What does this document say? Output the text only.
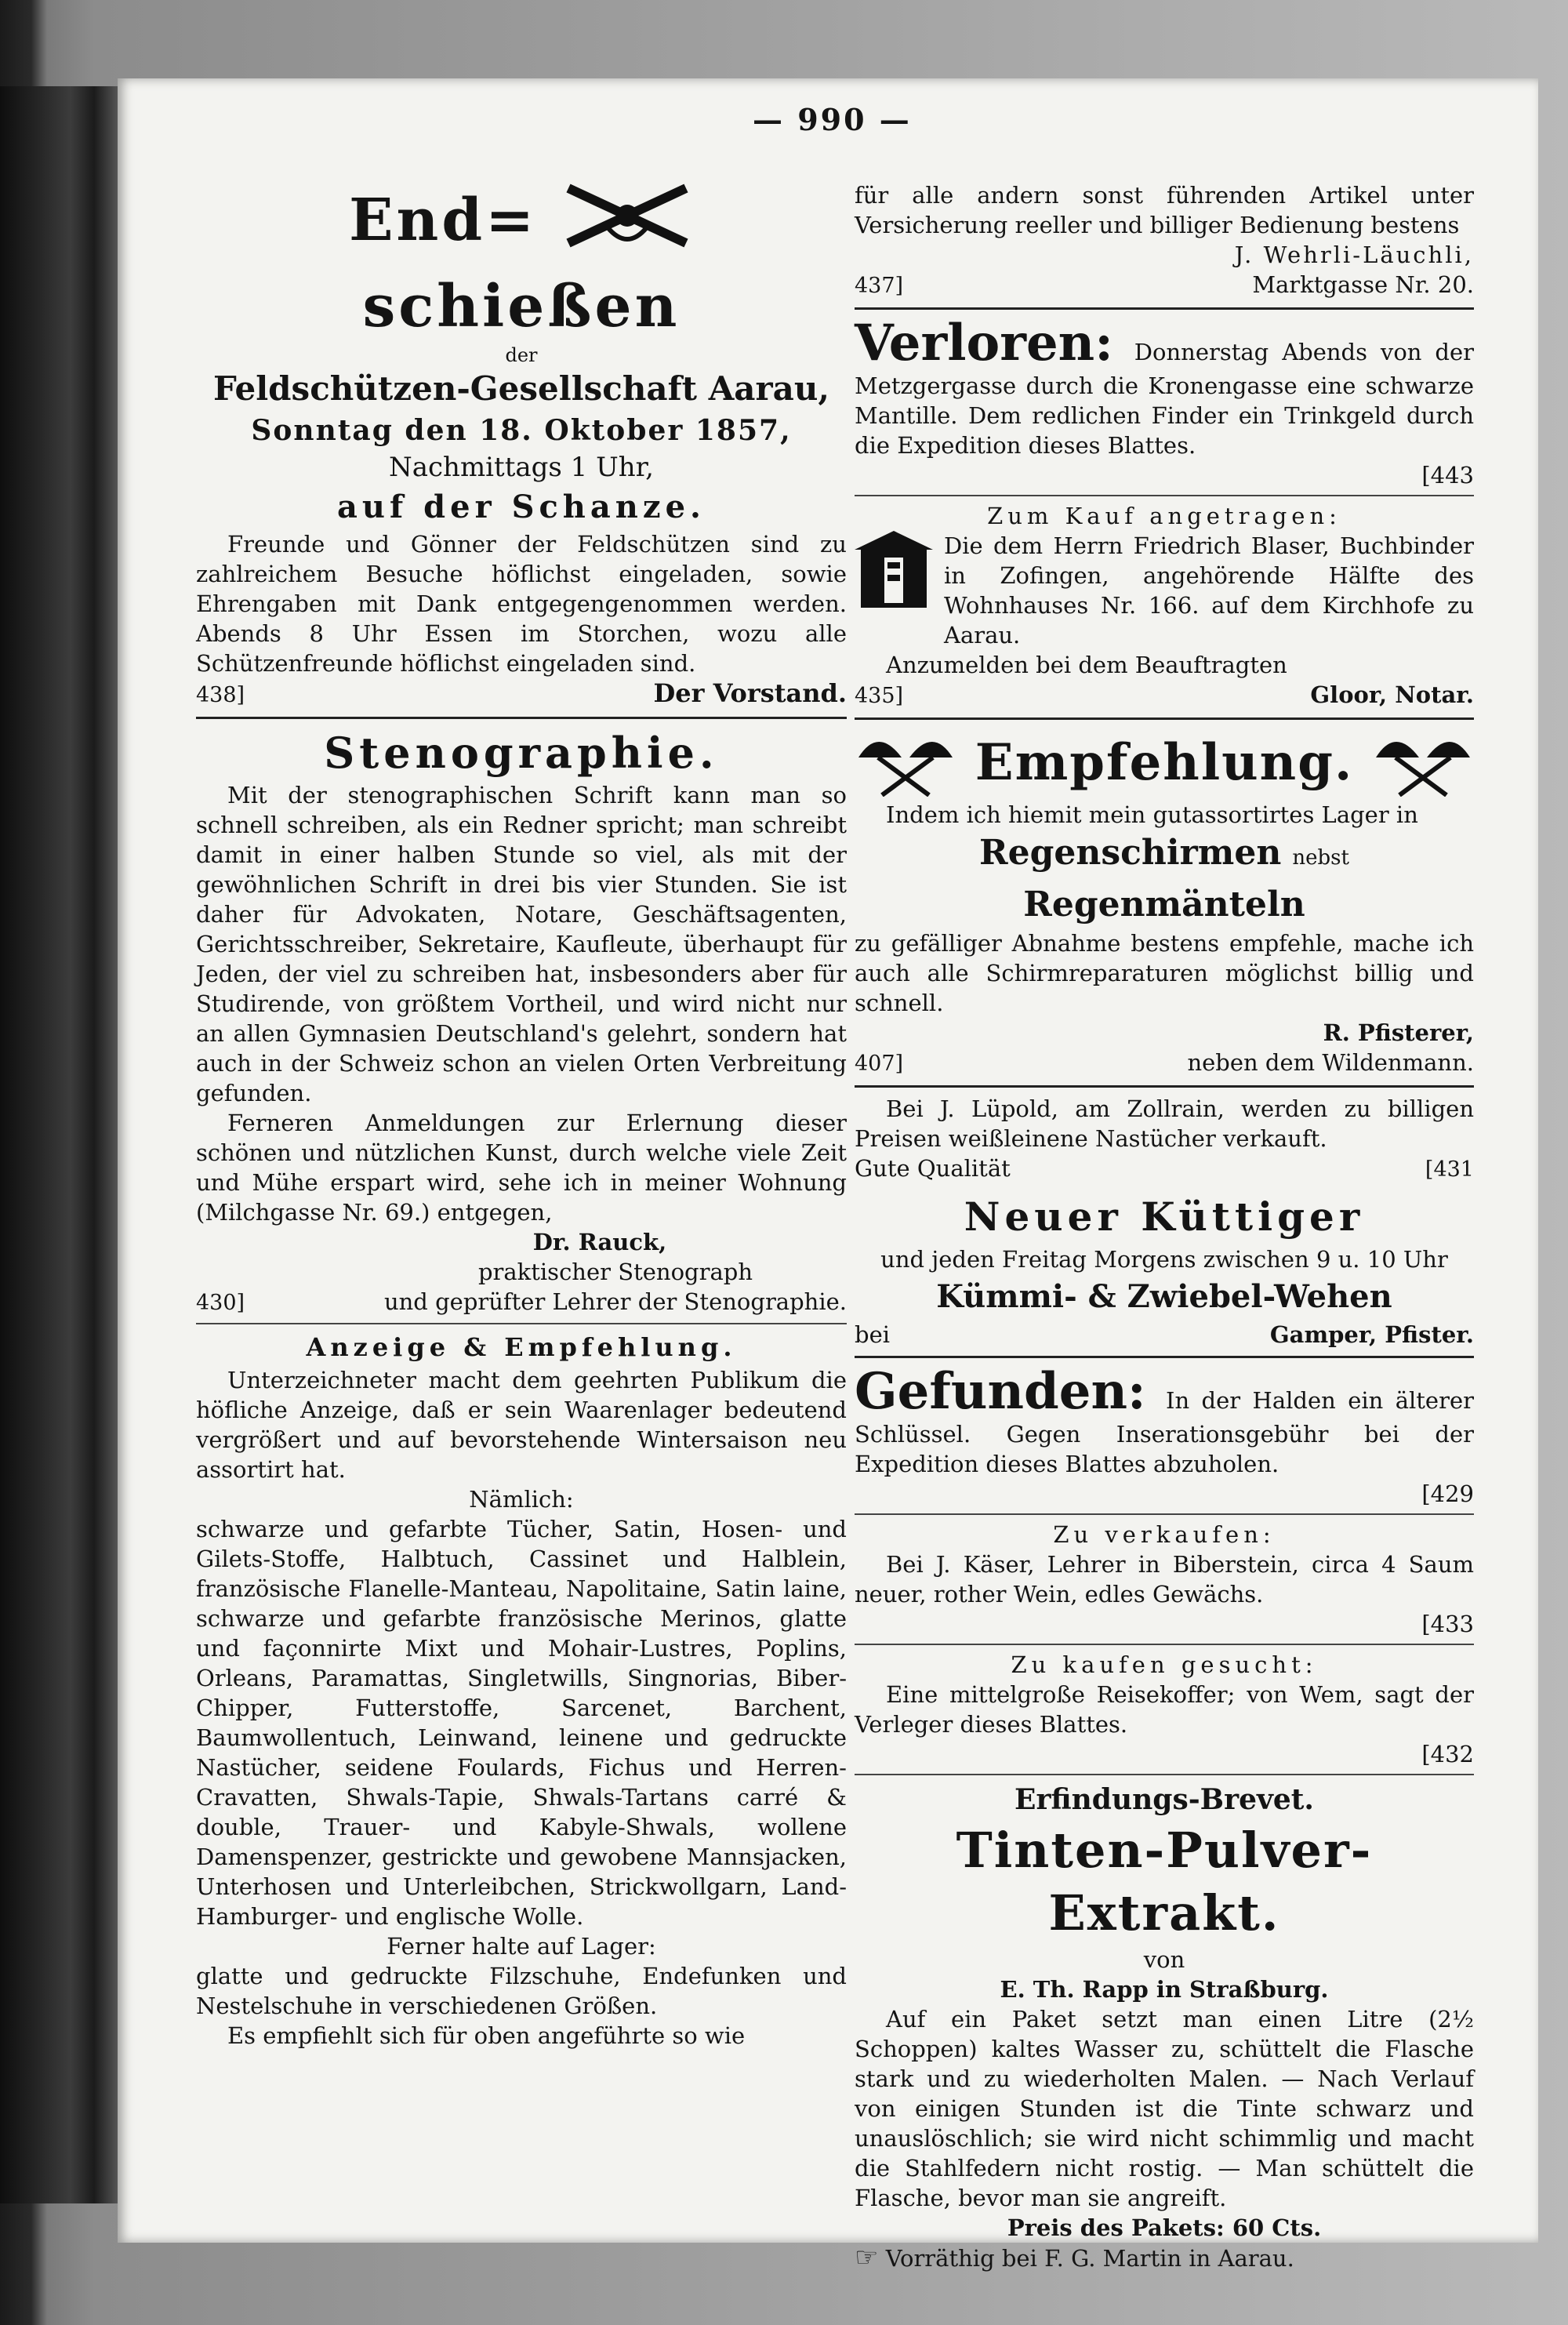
— 990 —
End=  schießen
der
Feldschützen-Gesellschaft Aarau,
Sonntag den 18. Oktober 1857,
Nachmittags 1 Uhr,
auf der Schanze.
Freunde und Gönner der Feldschützen sind zu zahlreichem Besuche höflichst eingeladen, sowie Ehrengaben mit Dank entgegengenommen werden. Abends 8 Uhr Essen im Storchen, wozu alle Schützenfreunde höflichst eingeladen sind.
438]	Der Vorstand.
Stenographie.
Mit der stenographischen Schrift kann man so schnell schreiben, als ein Redner spricht; man schreibt damit in einer halben Stunde so viel, als mit der gewöhnlichen Schrift in drei bis vier Stunden. Sie ist daher für Advokaten, Notare, Geschäftsagenten, Gerichtsschreiber, Sekretaire, Kaufleute, überhaupt für Jeden, der viel zu schreiben hat, insbesonders aber für Studirende, von größtem Vortheil, und wird nicht nur an allen Gymnasien Deutschland's gelehrt, sondern hat auch in der Schweiz schon an vielen Orten Verbreitung gefunden.
Ferneren Anmeldungen zur Erlernung dieser schönen und nützlichen Kunst, durch welche viele Zeit und Mühe erspart wird, sehe ich in meiner Wohnung (Milchgasse Nr. 69.) entgegen,
Dr. Rauck,
praktischer Stenograph
430]	und geprüfter Lehrer der Stenographie.
Anzeige & Empfehlung.
Unterzeichneter macht dem geehrten Publikum die höfliche Anzeige, daß er sein Waarenlager bedeutend vergrößert und auf bevorstehende Wintersaison neu assortirt hat.
Nämlich:
schwarze und gefarbte Tücher, Satin, Hosen- und Gilets-Stoffe, Halbtuch, Cassinet und Halblein, französische Flanelle-Manteau, Napolitaine, Satin laine, schwarze und gefarbte französische Merinos, glatte und façonnirte Mixt und Mohair-Lustres, Poplins, Orleans, Paramattas, Singletwills, Singnorias, Biber-Chipper, Futterstoffe, Sarcenet, Barchent, Baumwollentuch, Leinwand, leinene und gedruckte Nastücher, seidene Foulards, Fichus und Herren-Cravatten, Shwals-Tapie, Shwals-Tartans carré & double, Trauer- und Kabyle-Shwals, wollene Damenspenzer, gestrickte und gewobene Mannsjacken, Unterhosen und Unterleibchen, Strickwollgarn, Land- Hamburger- und englische Wolle.
Ferner halte auf Lager:
glatte und gedruckte Filzschuhe, Endefunken und Nestelschuhe in verschiedenen Größen.
Es empfiehlt sich für oben angeführte so wie
für alle andern sonst führenden Artikel unter Versicherung reeller und billiger Bedienung bestens
J. Wehrli-Läuchli,
437]	Marktgasse Nr. 20.
Verloren: Donnerstag Abends von der Metzgergasse durch die Kronengasse eine schwarze Mantille. Dem redlichen Finder ein Trinkgeld durch die Expedition dieses Blattes.
[443
Zum Kauf angetragen:
Die dem Herrn Friedrich Blaser, Buchbinder in Zofingen, angehörende Hälfte des Wohnhauses Nr. 166. auf dem Kirchhofe zu Aarau.
Anzumelden bei dem Beauftragten
435]	Gloor, Notar.
Empfehlung.
Indem ich hiemit mein gutassortirtes Lager in
Regenschirmen nebst Regenmänteln
zu gefälliger Abnahme bestens empfehle, mache ich auch alle Schirmreparaturen möglichst billig und schnell.
R. Pfisterer,
407]	neben dem Wildenmann.
Bei J. Lüpold, am Zollrain, werden zu billigen Preisen weißleinene Nastücher verkauft.
Gute Qualität	[431
Neuer Küttiger
und jeden Freitag Morgens zwischen 9 u. 10 Uhr
Kümmi- & Zwiebel-Wehen
bei	Gamper, Pfister.
Gefunden: In der Halden ein älterer Schlüssel. Gegen Inserationsgebühr bei der Expedition dieses Blattes abzuholen.
[429
Zu verkaufen:
Bei J. Käser, Lehrer in Biberstein, circa 4 Saum neuer, rother Wein, edles Gewächs.
[433
Zu kaufen gesucht:
Eine mittelgroße Reisekoffer; von Wem, sagt der Verleger dieses Blattes.
[432
Erfindungs-Brevet.
Tinten-Pulver-Extrakt.
von
E. Th. Rapp in Straßburg.
Auf ein Paket setzt man einen Litre (2½ Schoppen) kaltes Wasser zu, schüttelt die Flasche stark und zu wiederholten Malen. — Nach Verlauf von einigen Stunden ist die Tinte schwarz und unauslöschlich; sie wird nicht schimmlig und macht die Stahlfedern nicht rostig. — Man schüttelt die Flasche, bevor man sie angreift.
Preis des Pakets: 60 Cts.
☞ Vorräthig bei F. G. Martin in Aarau.
